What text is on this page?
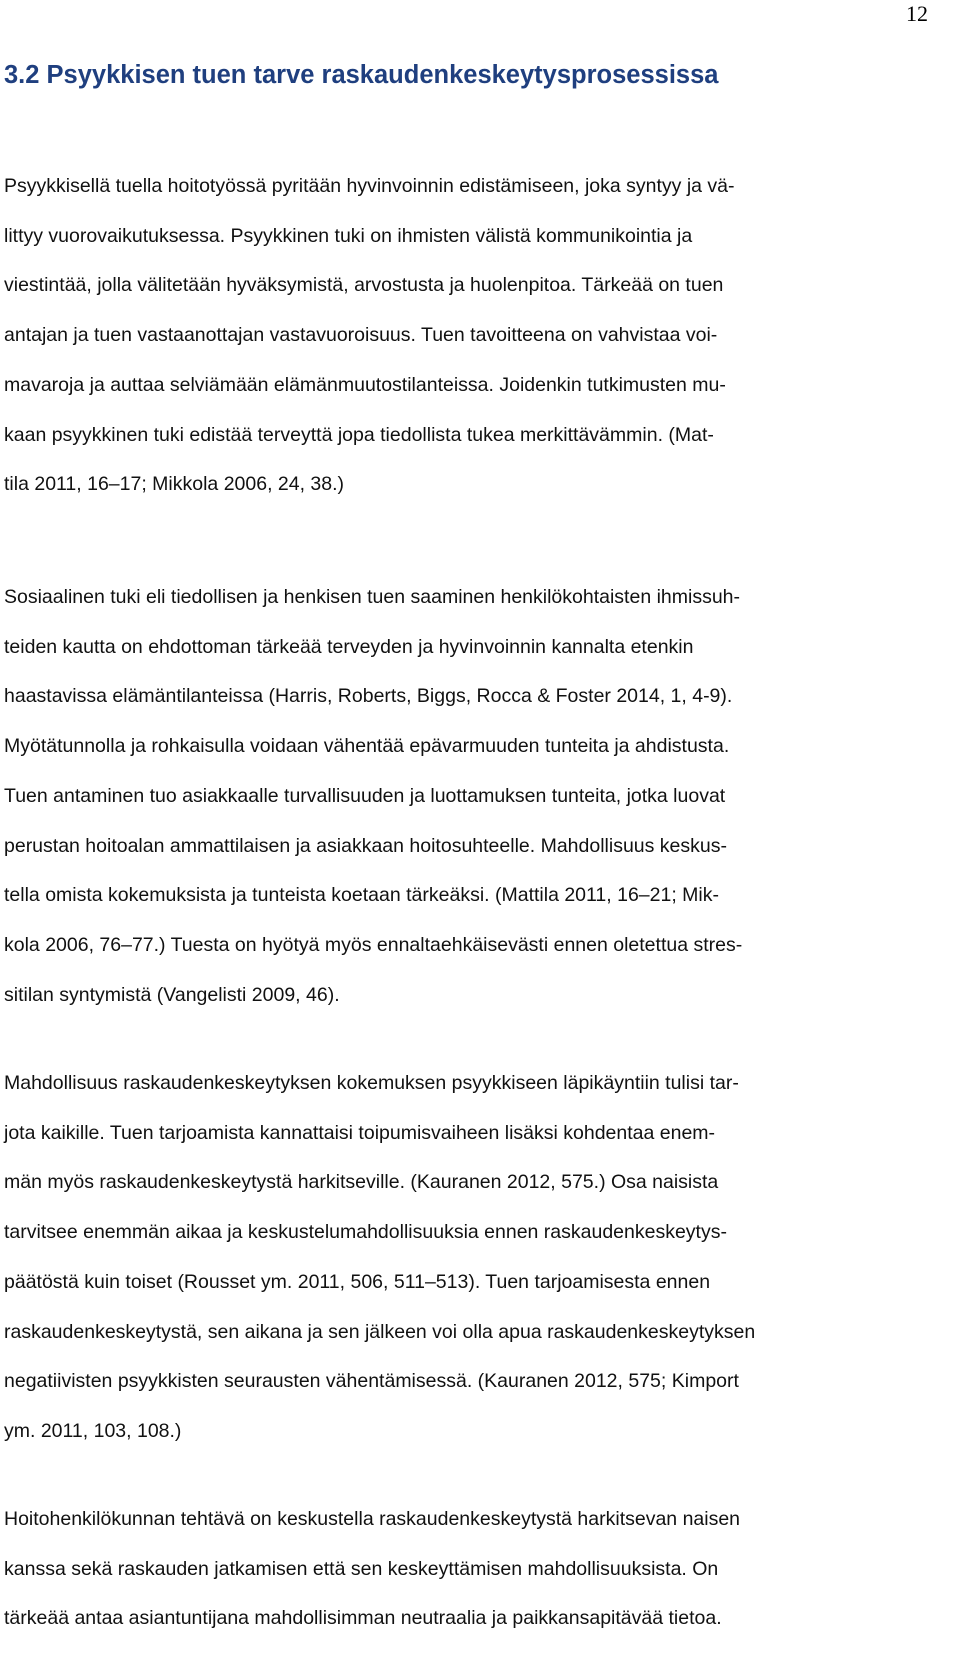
12
3.2 Psyykkisen tuen tarve raskaudenkeskeytysprosessissa
Psyykkisellä tuella hoitotyössä pyritään hyvinvoinnin edistämiseen, joka syntyy ja vä-
littyy vuorovaikutuksessa. Psyykkinen tuki on ihmisten välistä kommunikointia ja
viestintää, jolla välitetään hyväksymistä, arvostusta ja huolenpitoa. Tärkeää on tuen
antajan ja tuen vastaanottajan vastavuoroisuus. Tuen tavoitteena on vahvistaa voi-
mavaroja ja auttaa selviämään elämänmuutostilanteissa. Joidenkin tutkimusten mu-
kaan psyykkinen tuki edistää terveyttä jopa tiedollista tukea merkittävämmin. (Mat-
tila 2011, 16–17; Mikkola 2006, 24, 38.)
Sosiaalinen tuki eli tiedollisen ja henkisen tuen saaminen henkilökohtaisten ihmissuh-
teiden kautta on ehdottoman tärkeää terveyden ja hyvinvoinnin kannalta etenkin
haastavissa elämäntilanteissa (Harris, Roberts, Biggs, Rocca & Foster 2014, 1, 4-9).
Myötätunnolla ja rohkaisulla voidaan vähentää epävarmuuden tunteita ja ahdistusta.
Tuen antaminen tuo asiakkaalle turvallisuuden ja luottamuksen tunteita, jotka luovat
perustan hoitoalan ammattilaisen ja asiakkaan hoitosuhteelle. Mahdollisuus keskus-
tella omista kokemuksista ja tunteista koetaan tärkeäksi. (Mattila 2011, 16–21; Mik-
kola 2006, 76–77.) Tuesta on hyötyä myös ennaltaehkäisevästi ennen oletettua stres-
sitilan syntymistä (Vangelisti 2009, 46).
Mahdollisuus raskaudenkeskeytyksen kokemuksen psyykkiseen läpikäyntiin tulisi tar-
jota kaikille. Tuen tarjoamista kannattaisi toipumisvaiheen lisäksi kohdentaa enem-
män myös raskaudenkeskeytystä harkitseville. (Kauranen 2012, 575.) Osa naisista
tarvitsee enemmän aikaa ja keskustelumahdollisuuksia ennen raskaudenkeskeytys-
päätöstä kuin toiset (Rousset ym. 2011, 506, 511–513). Tuen tarjoamisesta ennen
raskaudenkeskeytystä, sen aikana ja sen jälkeen voi olla apua raskaudenkeskeytyksen
negatiivisten psyykkisten seurausten vähentämisessä. (Kauranen 2012, 575; Kimport
ym. 2011, 103, 108.)
Hoitohenkilökunnan tehtävä on keskustella raskaudenkeskeytystä harkitsevan naisen
kanssa sekä raskauden jatkamisen että sen keskeyttämisen mahdollisuuksista. On
tärkeää antaa asiantuntijana mahdollisimman neutraalia ja paikkansapitävää tietoa.
